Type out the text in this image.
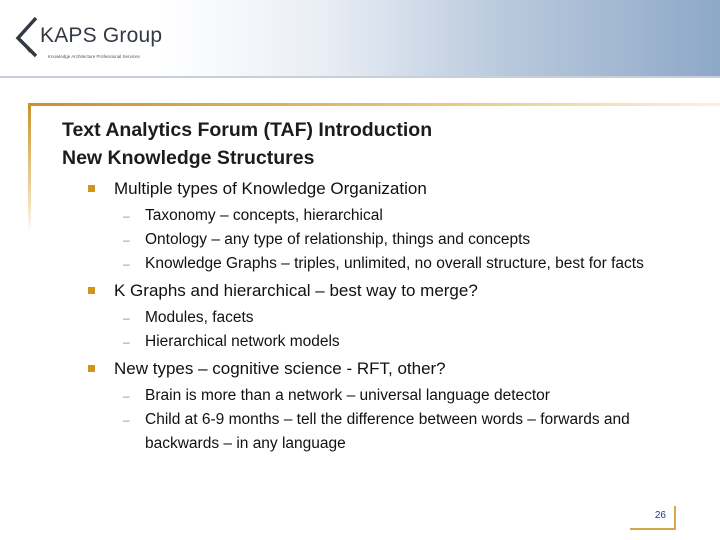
KAPS Group
Knowledge Architecture Professional Services
Text Analytics Forum (TAF) Introduction
New Knowledge Structures
Multiple types of Knowledge Organization
– Taxonomy – concepts, hierarchical
– Ontology – any type of relationship, things and concepts
– Knowledge Graphs – triples, unlimited, no overall structure, best for facts
K Graphs and hierarchical – best way to merge?
– Modules, facets
– Hierarchical network models
New types – cognitive science - RFT, other?
– Brain is more than a network – universal language detector
– Child at 6-9 months – tell the difference between words – forwards and backwards – in any language
26
